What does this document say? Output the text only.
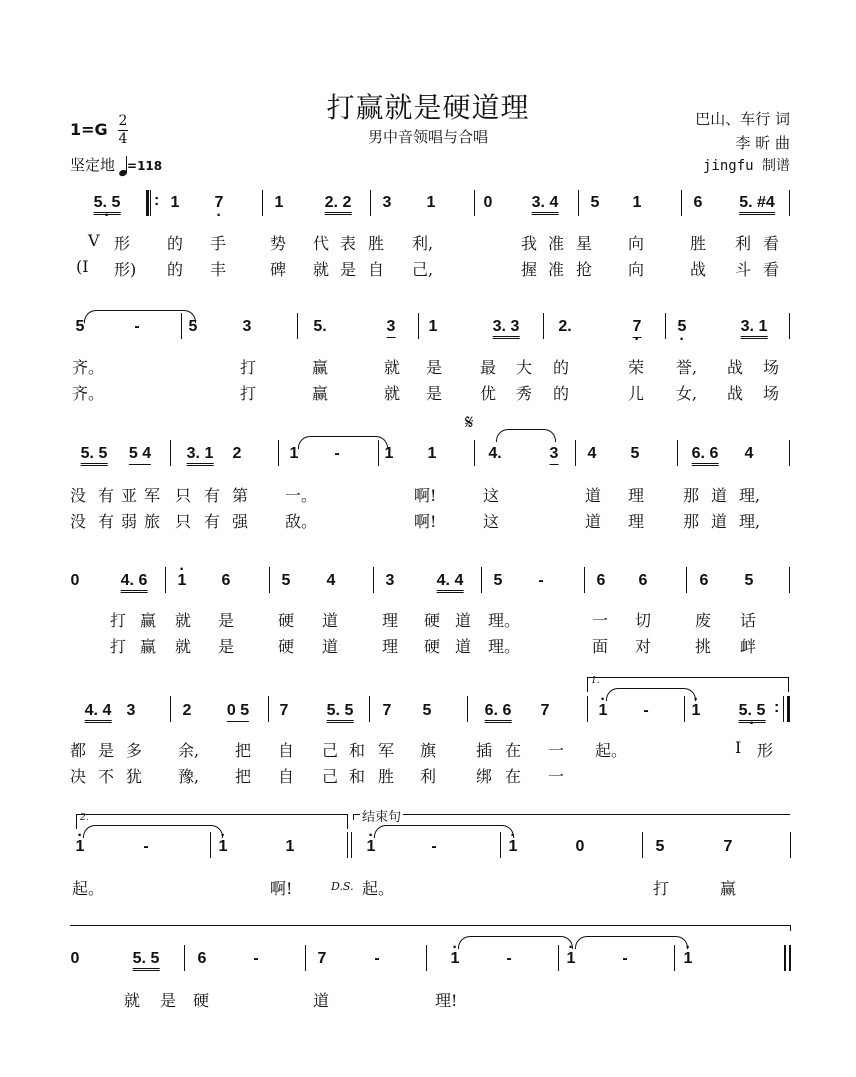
打赢就是硬道理
男中音领唱与合唱
巴山、车行 词
李 昕 曲
jingfu 制谱
1=G 2
4
坚定地 =118
5. 5 · : 1 7 ·	1	2. 2 3 1	0 3. 4 5 1	6 5. #4
V 形 的 手	势 代 表 胜 利,	我 准 星 向	胜 利 看
(I 形) 的 丰	碑 就 是 自 己,	握 准 抢 向	战 斗 看
5	-	5	3	5.	3 1	3. 3 2.	7 · 5 ·	3. 1
齐。	打	赢	就 是 最 大 的	荣 誉, 战 场
齐。	打	赢	就 是 优 秀 的	儿 女, 战 场
5. 5 5 4 3. 1 2	1 -	1 1
𝄋
4.	3 4 5	6. 6 4
没 有 亚 军 只 有 第 一。	啊!	这	道 理 那 道 理,
没 有 弱 旅 只 有 强 敌。	啊!	这	道 理 那 道 理,
0	4. 6 · 1 6	5 4	3	4. 4 5 -	6 6	6 5
打 赢 就 是	硬 道	理 硬 道 理。	一 切	废 话
打 赢 就 是	硬 道	理 硬 道 理。	面 对	挑 衅
4. 4 3	2 0 5 7 5. 5 7 5	6. 6 7
1.
· 1 -	· 1 5. 5 · :
都 是 多 余, 把 自 己 和 军 旗 插 在 一 起。	I 形
决 不 犹 豫, 把 自 己 和 胜 利 绑 在 一
2.
· 1	-	· 1	1
结束句
· 1	-	· 1	0	5	7
起。	啊!	D.S. 起。	打	赢
0	5. 5 6	-	7	-	· 1	-	· 1	-	· 1
就 是 硬	道	理!
